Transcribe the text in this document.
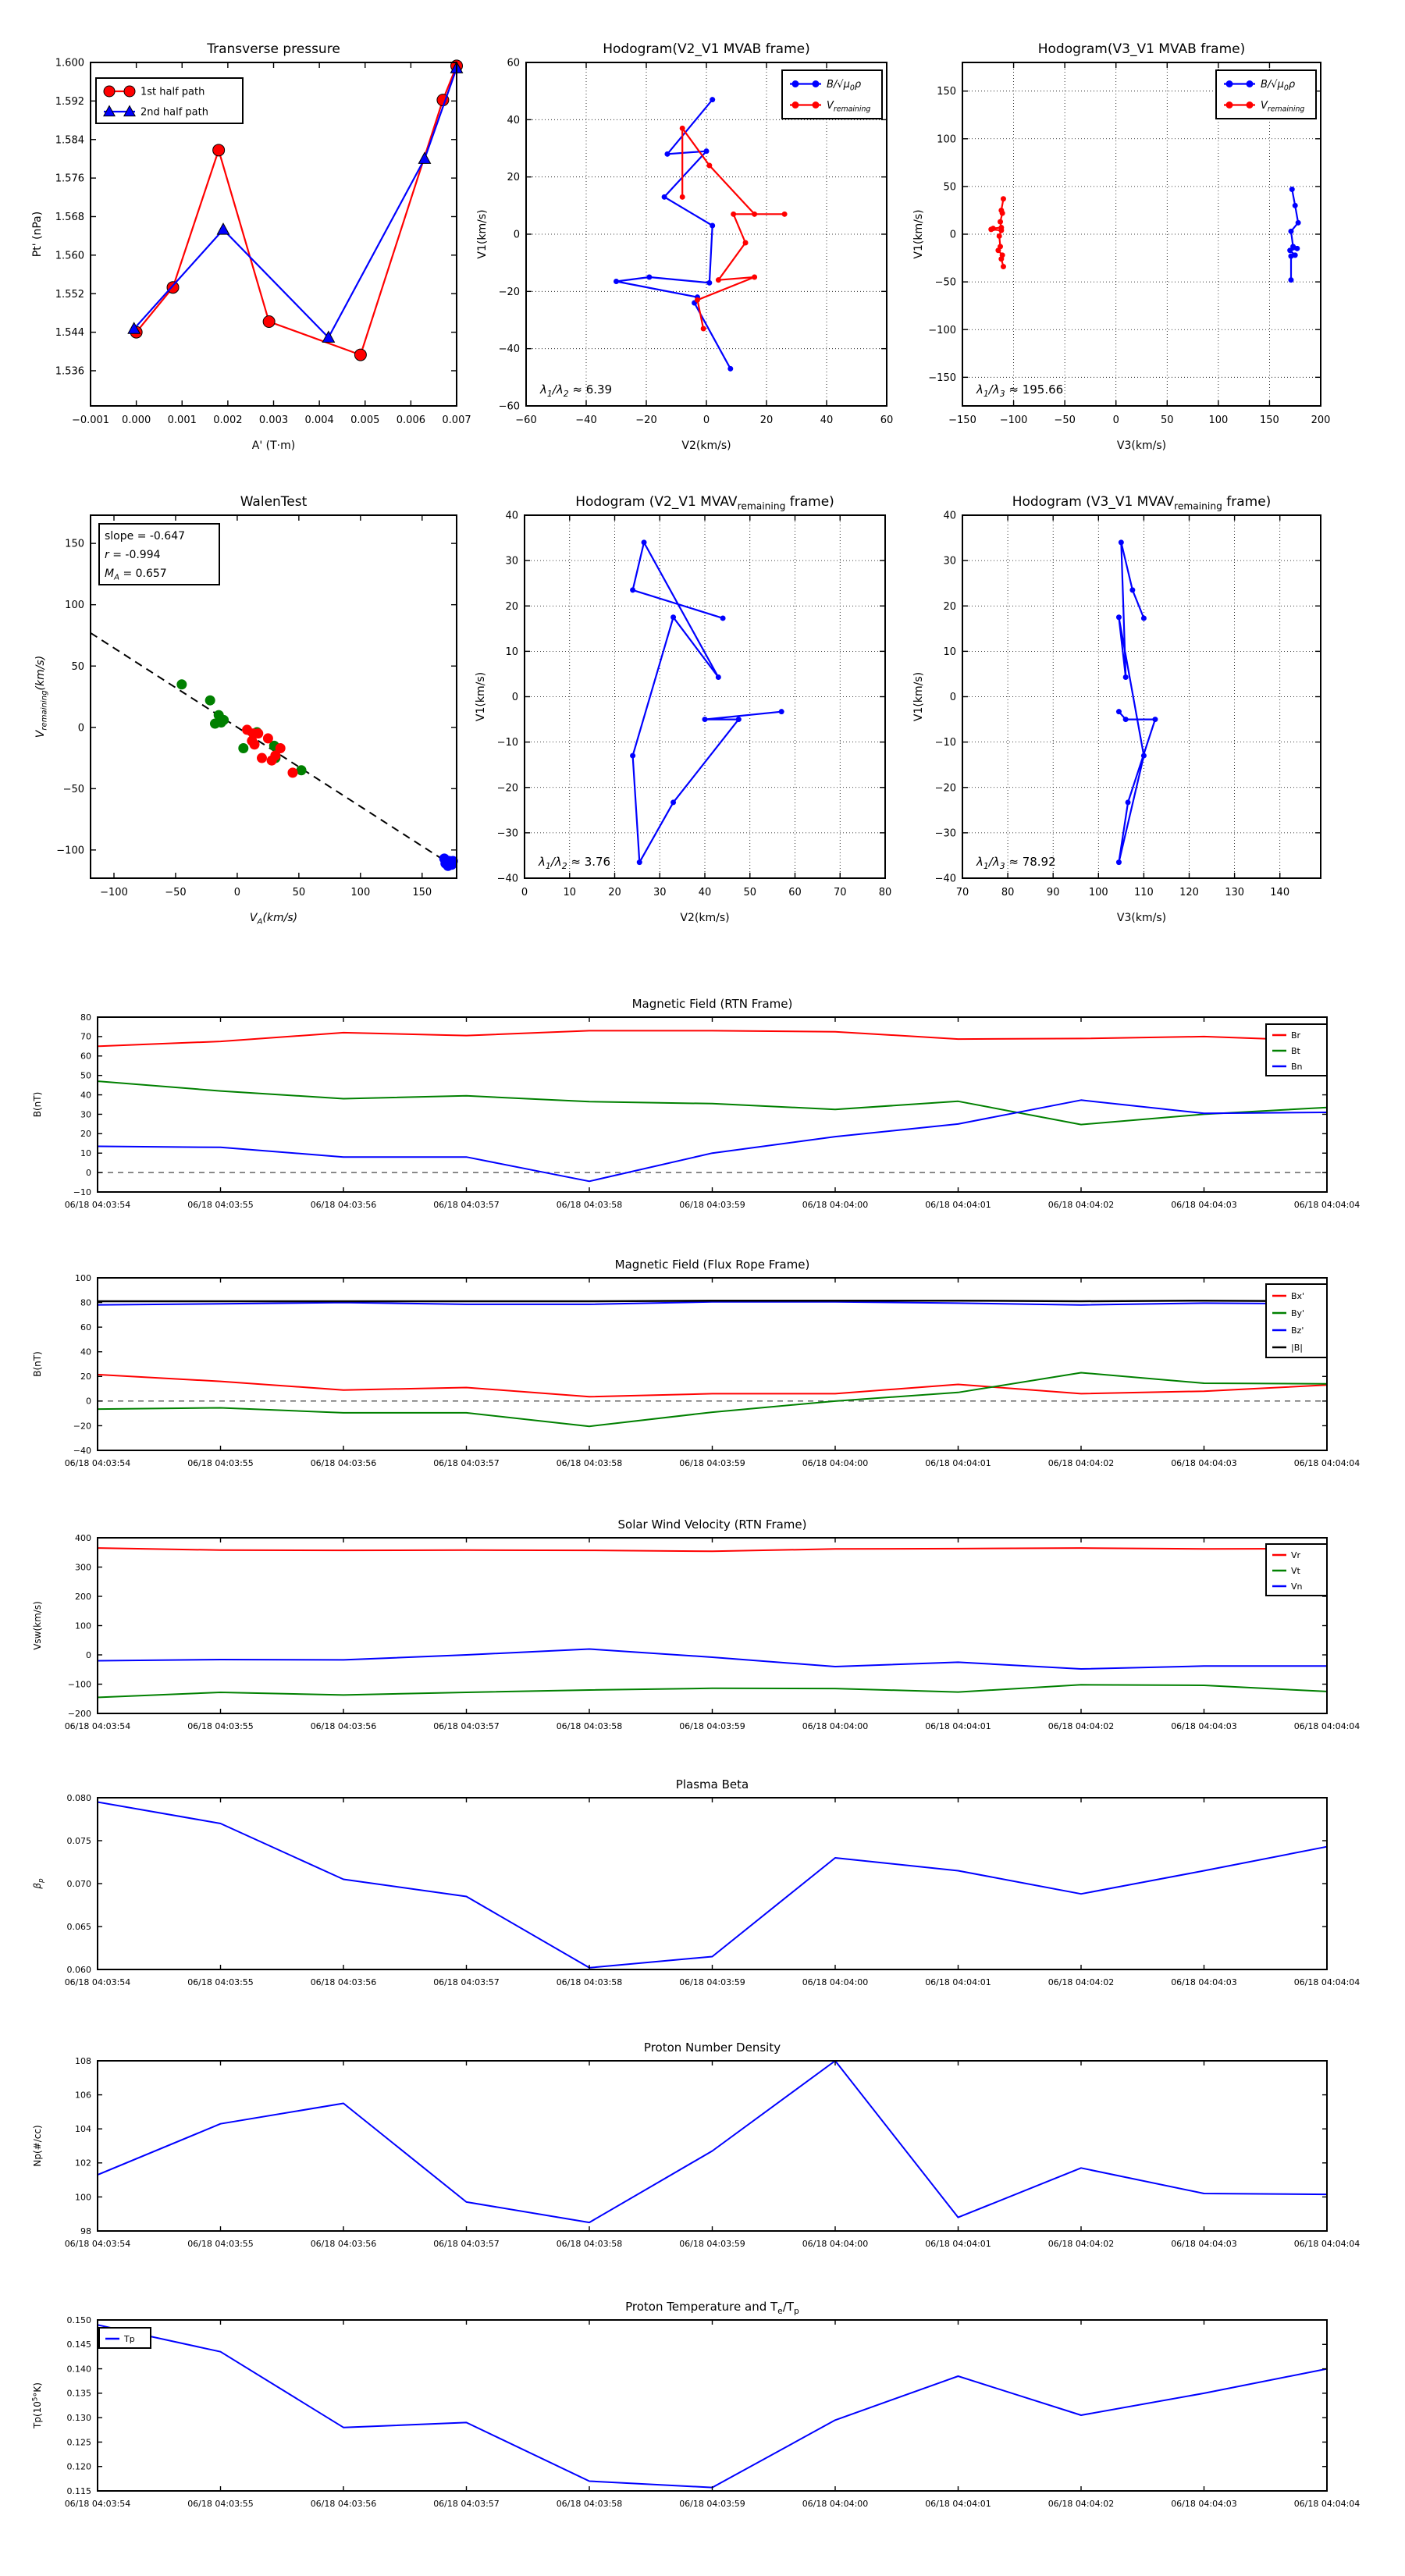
−0.001 0.000 0.001 0.002 0.003 0.004 0.005 0.006 0.007
1.536
1.544
1.552
1.560
1.568
1.576
1.584
1.592
1.600
Transverse pressure
A' (T·m)
Pt' (nPa)
1st half path
2nd half path
−60	−40	−20	0	20	40	60
−60
−40
−20
0
20
40
60
Hodogram(V2_V1 MVAB frame)
V2(km/s)
V1(km/s)
$B/√\mu_0\rho$
$V_{remaining}$
$\lambda_1/\lambda_2 \approx 6.39$
−150 −100	−50	0	50	100	150	200
−150
−100
−50
0
50
100
150
Hodogram(V3_V1 MVAB frame)
V3(km/s)
V1(km/s)
$B/√\mu_0\rho$
$V_{remaining}$
$\lambda_1/\lambda_3 \approx 195.66$
−100	−50	0	50	100	150
−100
−50
0
50
100
150
WalenTest
$V_A(km/s)$
$V_{remaining}(km/s)$
slope = -0.647
r = -0.994
$M_A = 0.657$
0	10	20	30	40	50	60	70	80
−40
−30
−20
−10
0
10
20
30
40
Hodogram (V2_V1 $MVAV_{remaining}$ frame)
V2(km/s)
V1(km/s)
$\lambda_1/\lambda_2 \approx 3.76$
70	80	90	100	110	120	130	140
−40
−30
−20
−10
0
10
20
30
40
Hodogram (V3_V1 $MVAV_{remaining}$ frame)
V3(km/s)
V1(km/s)
$\lambda_1/\lambda_3 \approx 78.92$
06/18 04:03:54	06/18 04:03:55	06/18 04:03:56	06/18 04:03:57	06/18 04:03:58	06/18 04:03:59	06/18 04:04:00	06/18 04:04:01	06/18 04:04:02	06/18 04:04:03	06/18 04:04:04
−10
0
10
20
30
40
50
60
70
80
Magnetic Field (RTN Frame)
B(nT)
Br
Bt
Bn
06/18 04:03:54	06/18 04:03:55	06/18 04:03:56	06/18 04:03:57	06/18 04:03:58	06/18 04:03:59	06/18 04:04:00	06/18 04:04:01	06/18 04:04:02	06/18 04:04:03	06/18 04:04:04
−40
−20
0
20
40
60
80
100
Magnetic Field (Flux Rope Frame)
B(nT)
Bx'
By'
Bz'
|B|
06/18 04:03:54	06/18 04:03:55	06/18 04:03:56	06/18 04:03:57	06/18 04:03:58	06/18 04:03:59	06/18 04:04:00	06/18 04:04:01	06/18 04:04:02	06/18 04:04:03	06/18 04:04:04
−200
−100
0
100
200
300
400
Solar Wind Velocity (RTN Frame)
Vsw(km/s)
Vr
Vt
Vn
06/18 04:03:54	06/18 04:03:55	06/18 04:03:56	06/18 04:03:57	06/18 04:03:58	06/18 04:03:59	06/18 04:04:00	06/18 04:04:01	06/18 04:04:02	06/18 04:04:03	06/18 04:04:04
0.060
0.065
0.070
0.075
0.080
Plasma Beta
$\beta_p$
06/18 04:03:54	06/18 04:03:55	06/18 04:03:56	06/18 04:03:57	06/18 04:03:58	06/18 04:03:59	06/18 04:04:00	06/18 04:04:01	06/18 04:04:02	06/18 04:04:03	06/18 04:04:04
98
100
102
104
106
108
Proton Number Density
Np(#/cc)
06/18 04:03:54	06/18 04:03:55	06/18 04:03:56	06/18 04:03:57	06/18 04:03:58	06/18 04:03:59	06/18 04:04:00	06/18 04:04:01	06/18 04:04:02	06/18 04:04:03	06/18 04:04:04
0.115
0.120
0.125
0.130
0.135
0.140
0.145
0.150
Proton Temperature and $T_e/T_p$
$Tp(10^5^\circ K)$
Tp
